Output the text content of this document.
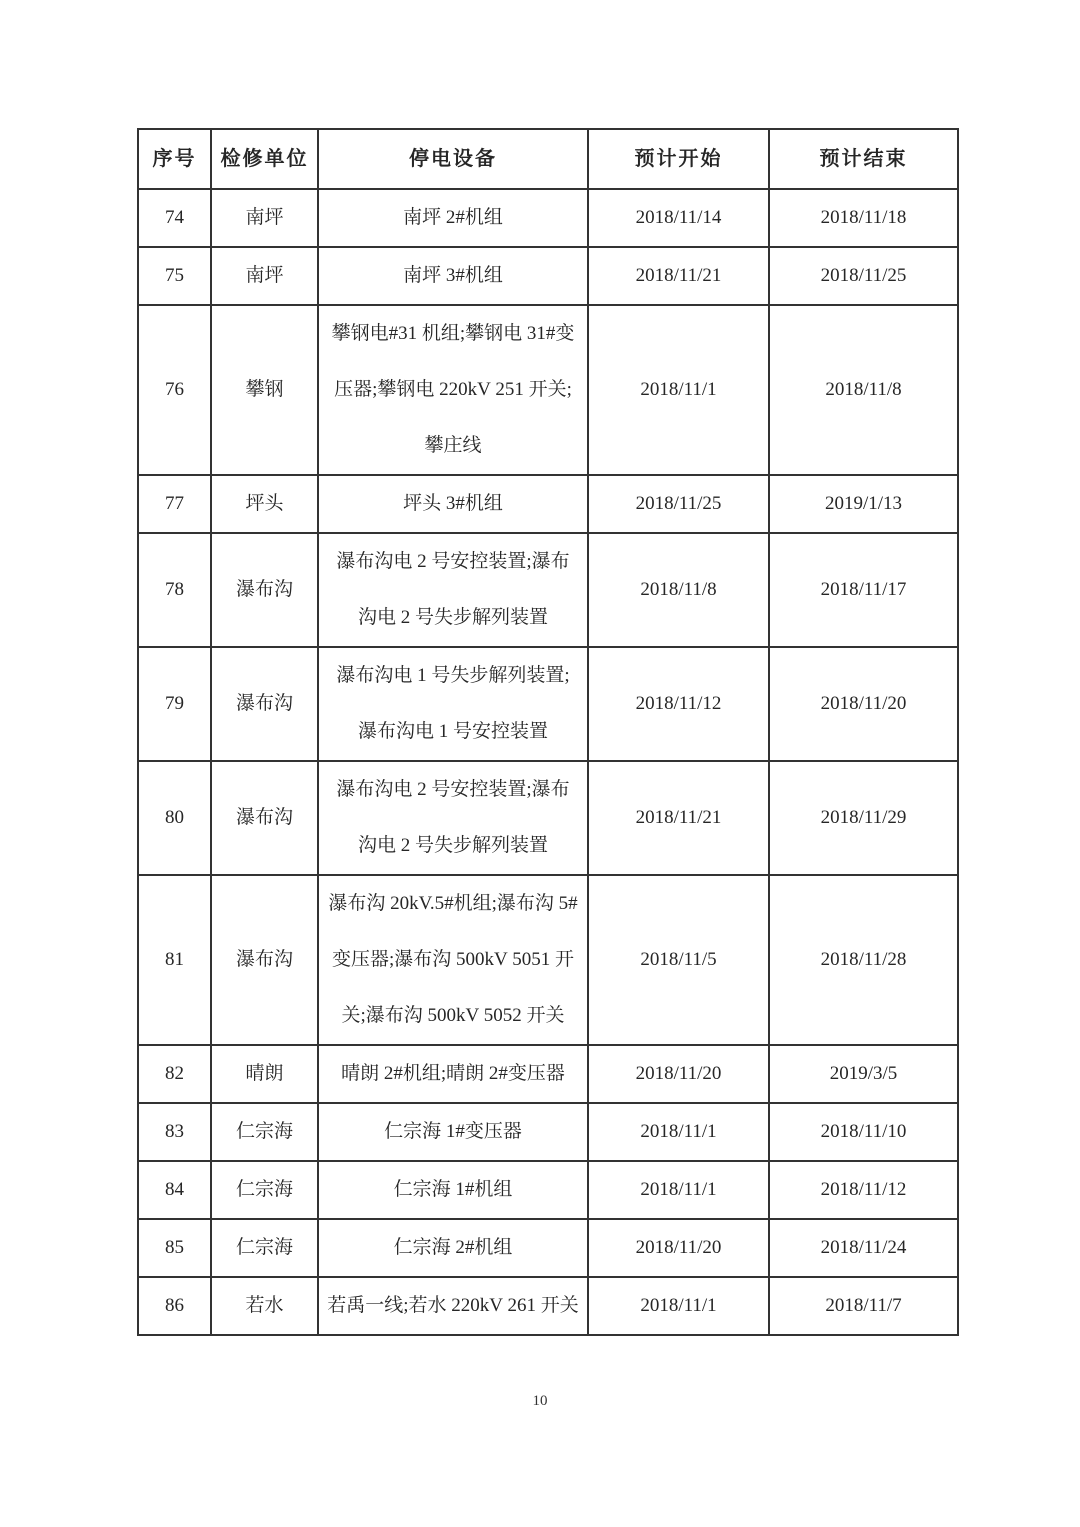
序号	检修单位	停电设备	预计开始	预计结束
74	南坪	南坪 2#机组	2018/11/14	2018/11/18
75	南坪	南坪 3#机组	2018/11/21	2018/11/25
76	攀钢	攀钢电#31 机组;攀钢电 31#变压器;攀钢电 220kV 251 开关;攀庄线	2018/11/1	2018/11/8
77	坪头	坪头 3#机组	2018/11/25	2019/1/13
78	瀑布沟	瀑布沟电 2 号安控装置;瀑布沟电 2 号失步解列装置	2018/11/8	2018/11/17
79	瀑布沟	瀑布沟电 1 号失步解列装置;瀑布沟电 1 号安控装置	2018/11/12	2018/11/20
80	瀑布沟	瀑布沟电 2 号安控装置;瀑布沟电 2 号失步解列装置	2018/11/21	2018/11/29
81	瀑布沟	瀑布沟 20kV.5#机组;瀑布沟 5#变压器;瀑布沟 500kV 5051 开关;瀑布沟 500kV 5052 开关	2018/11/5	2018/11/28
82	晴朗	晴朗 2#机组;晴朗 2#变压器	2018/11/20	2019/3/5
83	仁宗海	仁宗海 1#变压器	2018/11/1	2018/11/10
84	仁宗海	仁宗海 1#机组	2018/11/1	2018/11/12
85	仁宗海	仁宗海 2#机组	2018/11/20	2018/11/24
86	若水	若禹一线;若水 220kV 261 开关	2018/11/1	2018/11/7
10
